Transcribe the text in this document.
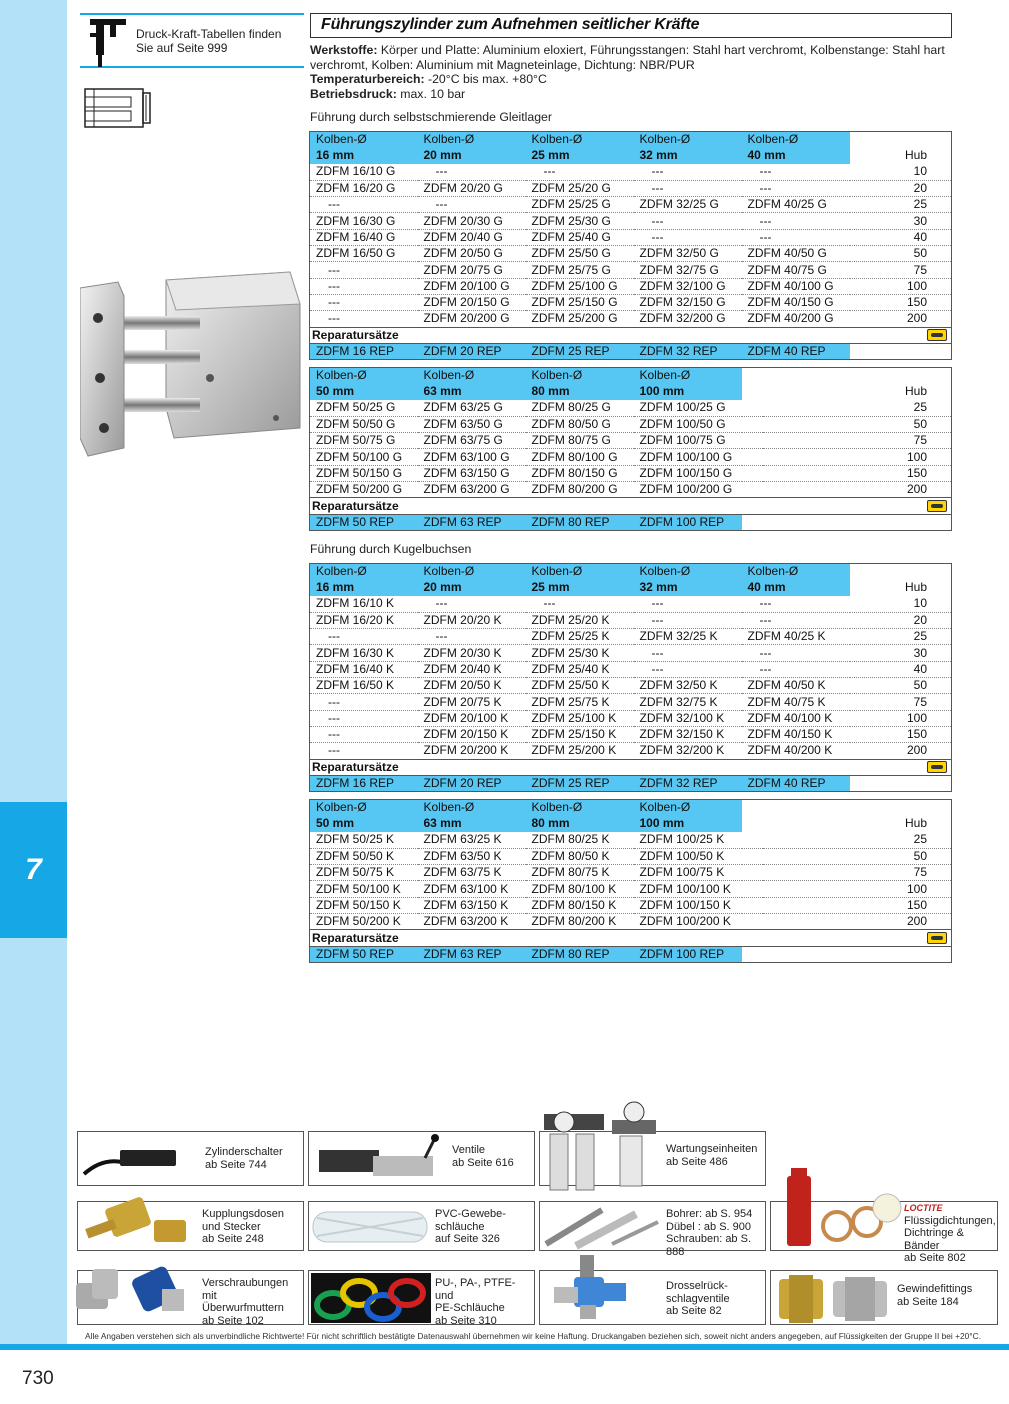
7
Druck-Kraft-Tabellen finden
Sie auf Seite 999
Führungszylinder zum Aufnehmen seitlicher Kräfte
Werkstoffe: Körper und Platte: Aluminium eloxiert, Führungsstangen: Stahl hart verchromt, Kolbenstange: Stahl hart verchromt, Kolben: Aluminium mit Magneteinlage, Dichtung: NBR/PUR
Temperaturbereich: -20°C bis max. +80°C
Betriebsdruck: max. 10 bar
Führung durch selbstschmierende Gleitlager
Führung durch Kugelbuchsen
Kolben-Ø	Kolben-Ø	Kolben-Ø	Kolben-Ø	Kolben-Ø	
16 mm	20 mm	25 mm	32 mm	40 mm	Hub
ZDFM 16/10 G	---	---	---	---	10
ZDFM 16/20 G	ZDFM 20/20 G	ZDFM 25/20 G	---	---	20
---	---	ZDFM 25/25 G	ZDFM 32/25 G	ZDFM 40/25 G	25
ZDFM 16/30 G	ZDFM 20/30 G	ZDFM 25/30 G	---	---	30
ZDFM 16/40 G	ZDFM 20/40 G	ZDFM 25/40 G	---	---	40
ZDFM 16/50 G	ZDFM 20/50 G	ZDFM 25/50 G	ZDFM 32/50 G	ZDFM 40/50 G	50
---	ZDFM 20/75 G	ZDFM 25/75 G	ZDFM 32/75 G	ZDFM 40/75 G	75
---	ZDFM 20/100 G	ZDFM 25/100 G	ZDFM 32/100 G	ZDFM 40/100 G	100
---	ZDFM 20/150 G	ZDFM 25/150 G	ZDFM 32/150 G	ZDFM 40/150 G	150
---	ZDFM 20/200 G	ZDFM 25/200 G	ZDFM 32/200 G	ZDFM 40/200 G	200
Reparatursätze					

ZDFM 16 REP	ZDFM 20 REP	ZDFM 25 REP	ZDFM 32 REP	ZDFM 40 REP	
Kolben-Ø	Kolben-Ø	Kolben-Ø	Kolben-Ø		
50 mm	63 mm	80 mm	100 mm		Hub
ZDFM 50/25 G	ZDFM 63/25 G	ZDFM 80/25 G	ZDFM 100/25 G		25
ZDFM 50/50 G	ZDFM 63/50 G	ZDFM 80/50 G	ZDFM 100/50 G		50
ZDFM 50/75 G	ZDFM 63/75 G	ZDFM 80/75 G	ZDFM 100/75 G		75
ZDFM 50/100 G	ZDFM 63/100 G	ZDFM 80/100 G	ZDFM 100/100 G		100
ZDFM 50/150 G	ZDFM 63/150 G	ZDFM 80/150 G	ZDFM 100/150 G		150
ZDFM 50/200 G	ZDFM 63/200 G	ZDFM 80/200 G	ZDFM 100/200 G		200
Reparatursätze					

ZDFM 50 REP	ZDFM 63 REP	ZDFM 80 REP	ZDFM 100 REP		
Kolben-Ø	Kolben-Ø	Kolben-Ø	Kolben-Ø	Kolben-Ø	
16 mm	20 mm	25 mm	32 mm	40 mm	Hub
ZDFM 16/10 K	---	---	---	---	10
ZDFM 16/20 K	ZDFM 20/20 K	ZDFM 25/20 K	---	---	20
---	---	ZDFM 25/25 K	ZDFM 32/25 K	ZDFM 40/25 K	25
ZDFM 16/30 K	ZDFM 20/30 K	ZDFM 25/30 K	---	---	30
ZDFM 16/40 K	ZDFM 20/40 K	ZDFM 25/40 K	---	---	40
ZDFM 16/50 K	ZDFM 20/50 K	ZDFM 25/50 K	ZDFM 32/50 K	ZDFM 40/50 K	50
---	ZDFM 20/75 K	ZDFM 25/75 K	ZDFM 32/75 K	ZDFM 40/75 K	75
---	ZDFM 20/100 K	ZDFM 25/100 K	ZDFM 32/100 K	ZDFM 40/100 K	100
---	ZDFM 20/150 K	ZDFM 25/150 K	ZDFM 32/150 K	ZDFM 40/150 K	150
---	ZDFM 20/200 K	ZDFM 25/200 K	ZDFM 32/200 K	ZDFM 40/200 K	200
Reparatursätze					

ZDFM 16 REP	ZDFM 20 REP	ZDFM 25 REP	ZDFM 32 REP	ZDFM 40 REP	
Kolben-Ø	Kolben-Ø	Kolben-Ø	Kolben-Ø		
50 mm	63 mm	80 mm	100 mm		Hub
ZDFM 50/25 K	ZDFM 63/25 K	ZDFM 80/25 K	ZDFM 100/25 K		25
ZDFM 50/50 K	ZDFM 63/50 K	ZDFM 80/50 K	ZDFM 100/50 K		50
ZDFM 50/75 K	ZDFM 63/75 K	ZDFM 80/75 K	ZDFM 100/75 K		75
ZDFM 50/100 K	ZDFM 63/100 K	ZDFM 80/100 K	ZDFM 100/100 K		100
ZDFM 50/150 K	ZDFM 63/150 K	ZDFM 80/150 K	ZDFM 100/150 K		150
ZDFM 50/200 K	ZDFM 63/200 K	ZDFM 80/200 K	ZDFM 100/200 K		200
Reparatursätze					

ZDFM 50 REP	ZDFM 63 REP	ZDFM 80 REP	ZDFM 100 REP		
Zylinderschalter
ab Seite 744
Ventile
ab Seite 616
Wartungseinheiten
ab Seite 486
Kupplungsdosen
und Stecker
ab Seite 248
PVC-Gewebe-
schläuche
auf Seite 326
Bohrer: ab S. 954
Dübel : ab S. 900
Schrauben: ab S. 888
LOCTITE
Flüssigdichtungen,
Dichtringe & Bänder
ab Seite 802
Verschraubungen mit
Überwurfmuttern
ab Seite 102
PU-, PA-, PTFE- und
PE-Schläuche
ab Seite 310
Drosselrück-
schlagventile
ab Seite 82
Gewindefittings
ab Seite 184
Alle Angaben verstehen sich als unverbindliche Richtwerte! Für nicht schriftlich bestätigte Datenauswahl übernehmen wir keine Haftung. Druckangaben beziehen sich, soweit nicht anders angegeben, auf Flüssigkeiten der Gruppe II bei +20°C.
730
